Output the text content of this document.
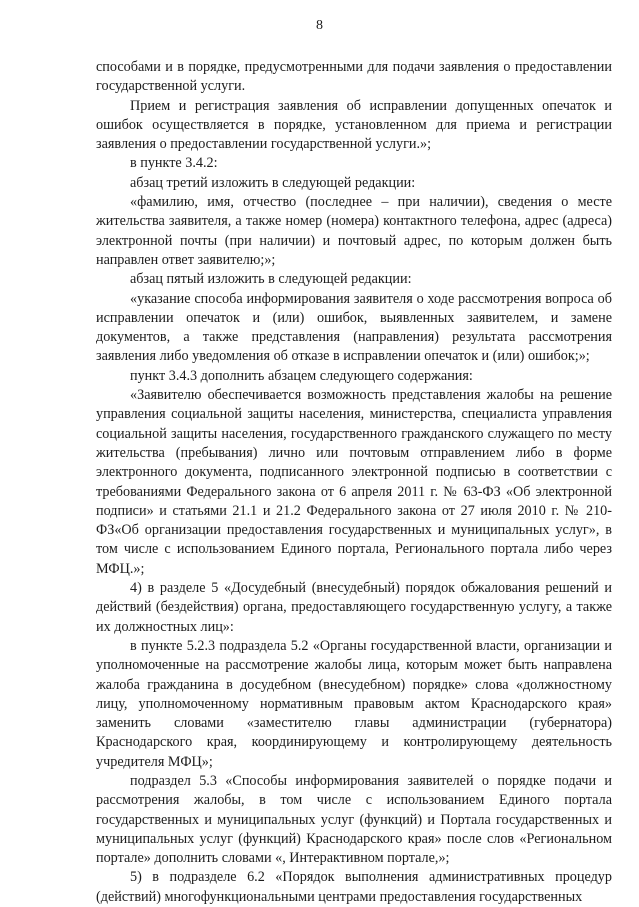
8

способами и в порядке, предусмотренными для подачи заявления о предоставлении государственной услуги.

Прием и регистрация заявления об исправлении допущенных опечаток и ошибок осуществляется в порядке, установленном для приема и регистрации заявления о предоставлении государственной услуги.»;

в пункте 3.4.2:

абзац третий изложить в следующей редакции:

«фамилию, имя, отчество (последнее – при наличии), сведения о месте жительства заявителя, а также номер (номера) контактного телефона, адрес (адреса) электронной почты (при наличии) и почтовый адрес, по которым должен быть направлен ответ заявителю;»;

абзац пятый изложить в следующей редакции:

«указание способа информирования заявителя о ходе рассмотрения вопроса об исправлении опечаток и (или) ошибок, выявленных заявителем, и замене документов, а также представления (направления) результата рассмотрения заявления либо уведомления об отказе в исправлении опечаток и (или) ошибок;»;

пункт 3.4.3 дополнить абзацем следующего содержания:

«Заявителю обеспечивается возможность представления жалобы на решение управления социальной защиты населения, министерства, специалиста управления социальной защиты населения, государственного гражданского служащего по месту жительства (пребывания) лично или почтовым отправлением либо в форме электронного документа, подписанного электронной подписью в соответствии с требованиями Федерального закона от 6 апреля 2011 г. № 63-ФЗ «Об электронной подписи» и статьями 21.1 и 21.2 Федерального закона от 27 июля 2010 г. № 210-ФЗ«Об организации предоставления государственных и муниципальных услуг», в том числе с использованием Единого портала, Регионального портала либо через МФЦ.»;

4) в разделе 5 «Досудебный (внесудебный) порядок обжалования решений и действий (бездействия) органа, предоставляющего государственную услугу, а также их должностных лиц»:

в пункте 5.2.3 подраздела 5.2 «Органы государственной власти, организации и уполномоченные на рассмотрение жалобы лица, которым может быть направлена жалоба гражданина в досудебном (внесудебном) порядке» слова «должностному лицу, уполномоченному нормативным правовым актом Краснодарского края» заменить словами «заместителю главы администрации (губернатора) Краснодарского края, координирующему и контролирующему деятельность учредителя МФЦ»;

подраздел 5.3 «Способы информирования заявителей о порядке подачи и рассмотрения жалобы, в том числе с использованием Единого портала государственных и муниципальных услуг (функций) и Портала государственных и муниципальных услуг (функций) Краснодарского края» после слов «Региональном портале» дополнить словами «, Интерактивном портале,»;

5) в подразделе 6.2 «Порядок выполнения административных процедур (действий) многофункциональными центрами предоставления государственных
